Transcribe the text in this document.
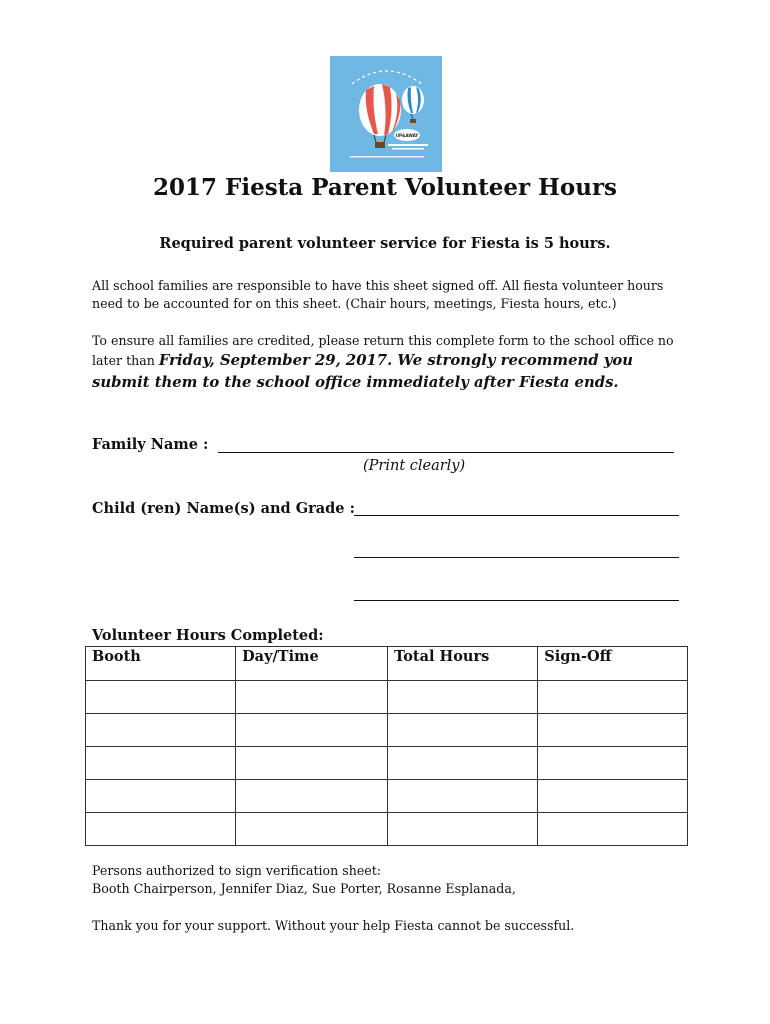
UP&AWAY
2017 Fiesta Parent Volunteer Hours

Required parent volunteer service for Fiesta is 5 hours.

All school families are responsible to have this sheet signed off. All fiesta volunteer hours need to be accounted for on this sheet. (Chair hours, meetings, Fiesta hours, etc.)

To ensure all families are credited, please return this complete form to the school office no later than Friday, September 29, 2017. We strongly recommend you submit them to the school office immediately after Fiesta ends.

Family Name :
(Print clearly)
Child (ren) Name(s) and Grade :
Volunteer Hours Completed:
Booth	Day/Time	Total Hours	Sign-Off

Persons authorized to sign verification sheet:
Booth Chairperson, Jennifer Diaz, Sue Porter, Rosanne Esplanada,
Thank you for your support. Without your help Fiesta cannot be successful.
